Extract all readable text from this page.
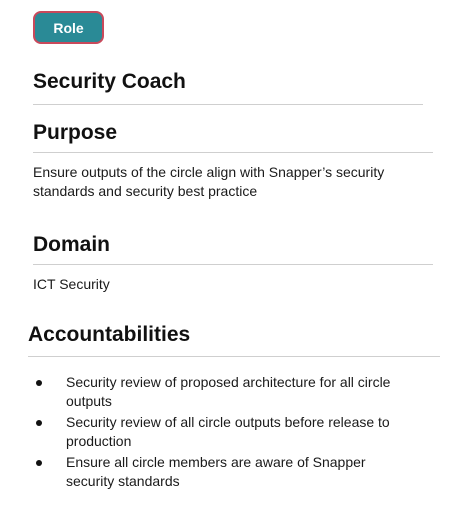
Role
Security Coach
Purpose

Ensure outputs of the circle align with Snapper’s security standards and security best practice

Domain

ICT Security

Accountabilities
Security review of proposed architecture for all circle outputs
Security review of all circle outputs before release to production
Ensure all circle members are aware of Snapper security standards
